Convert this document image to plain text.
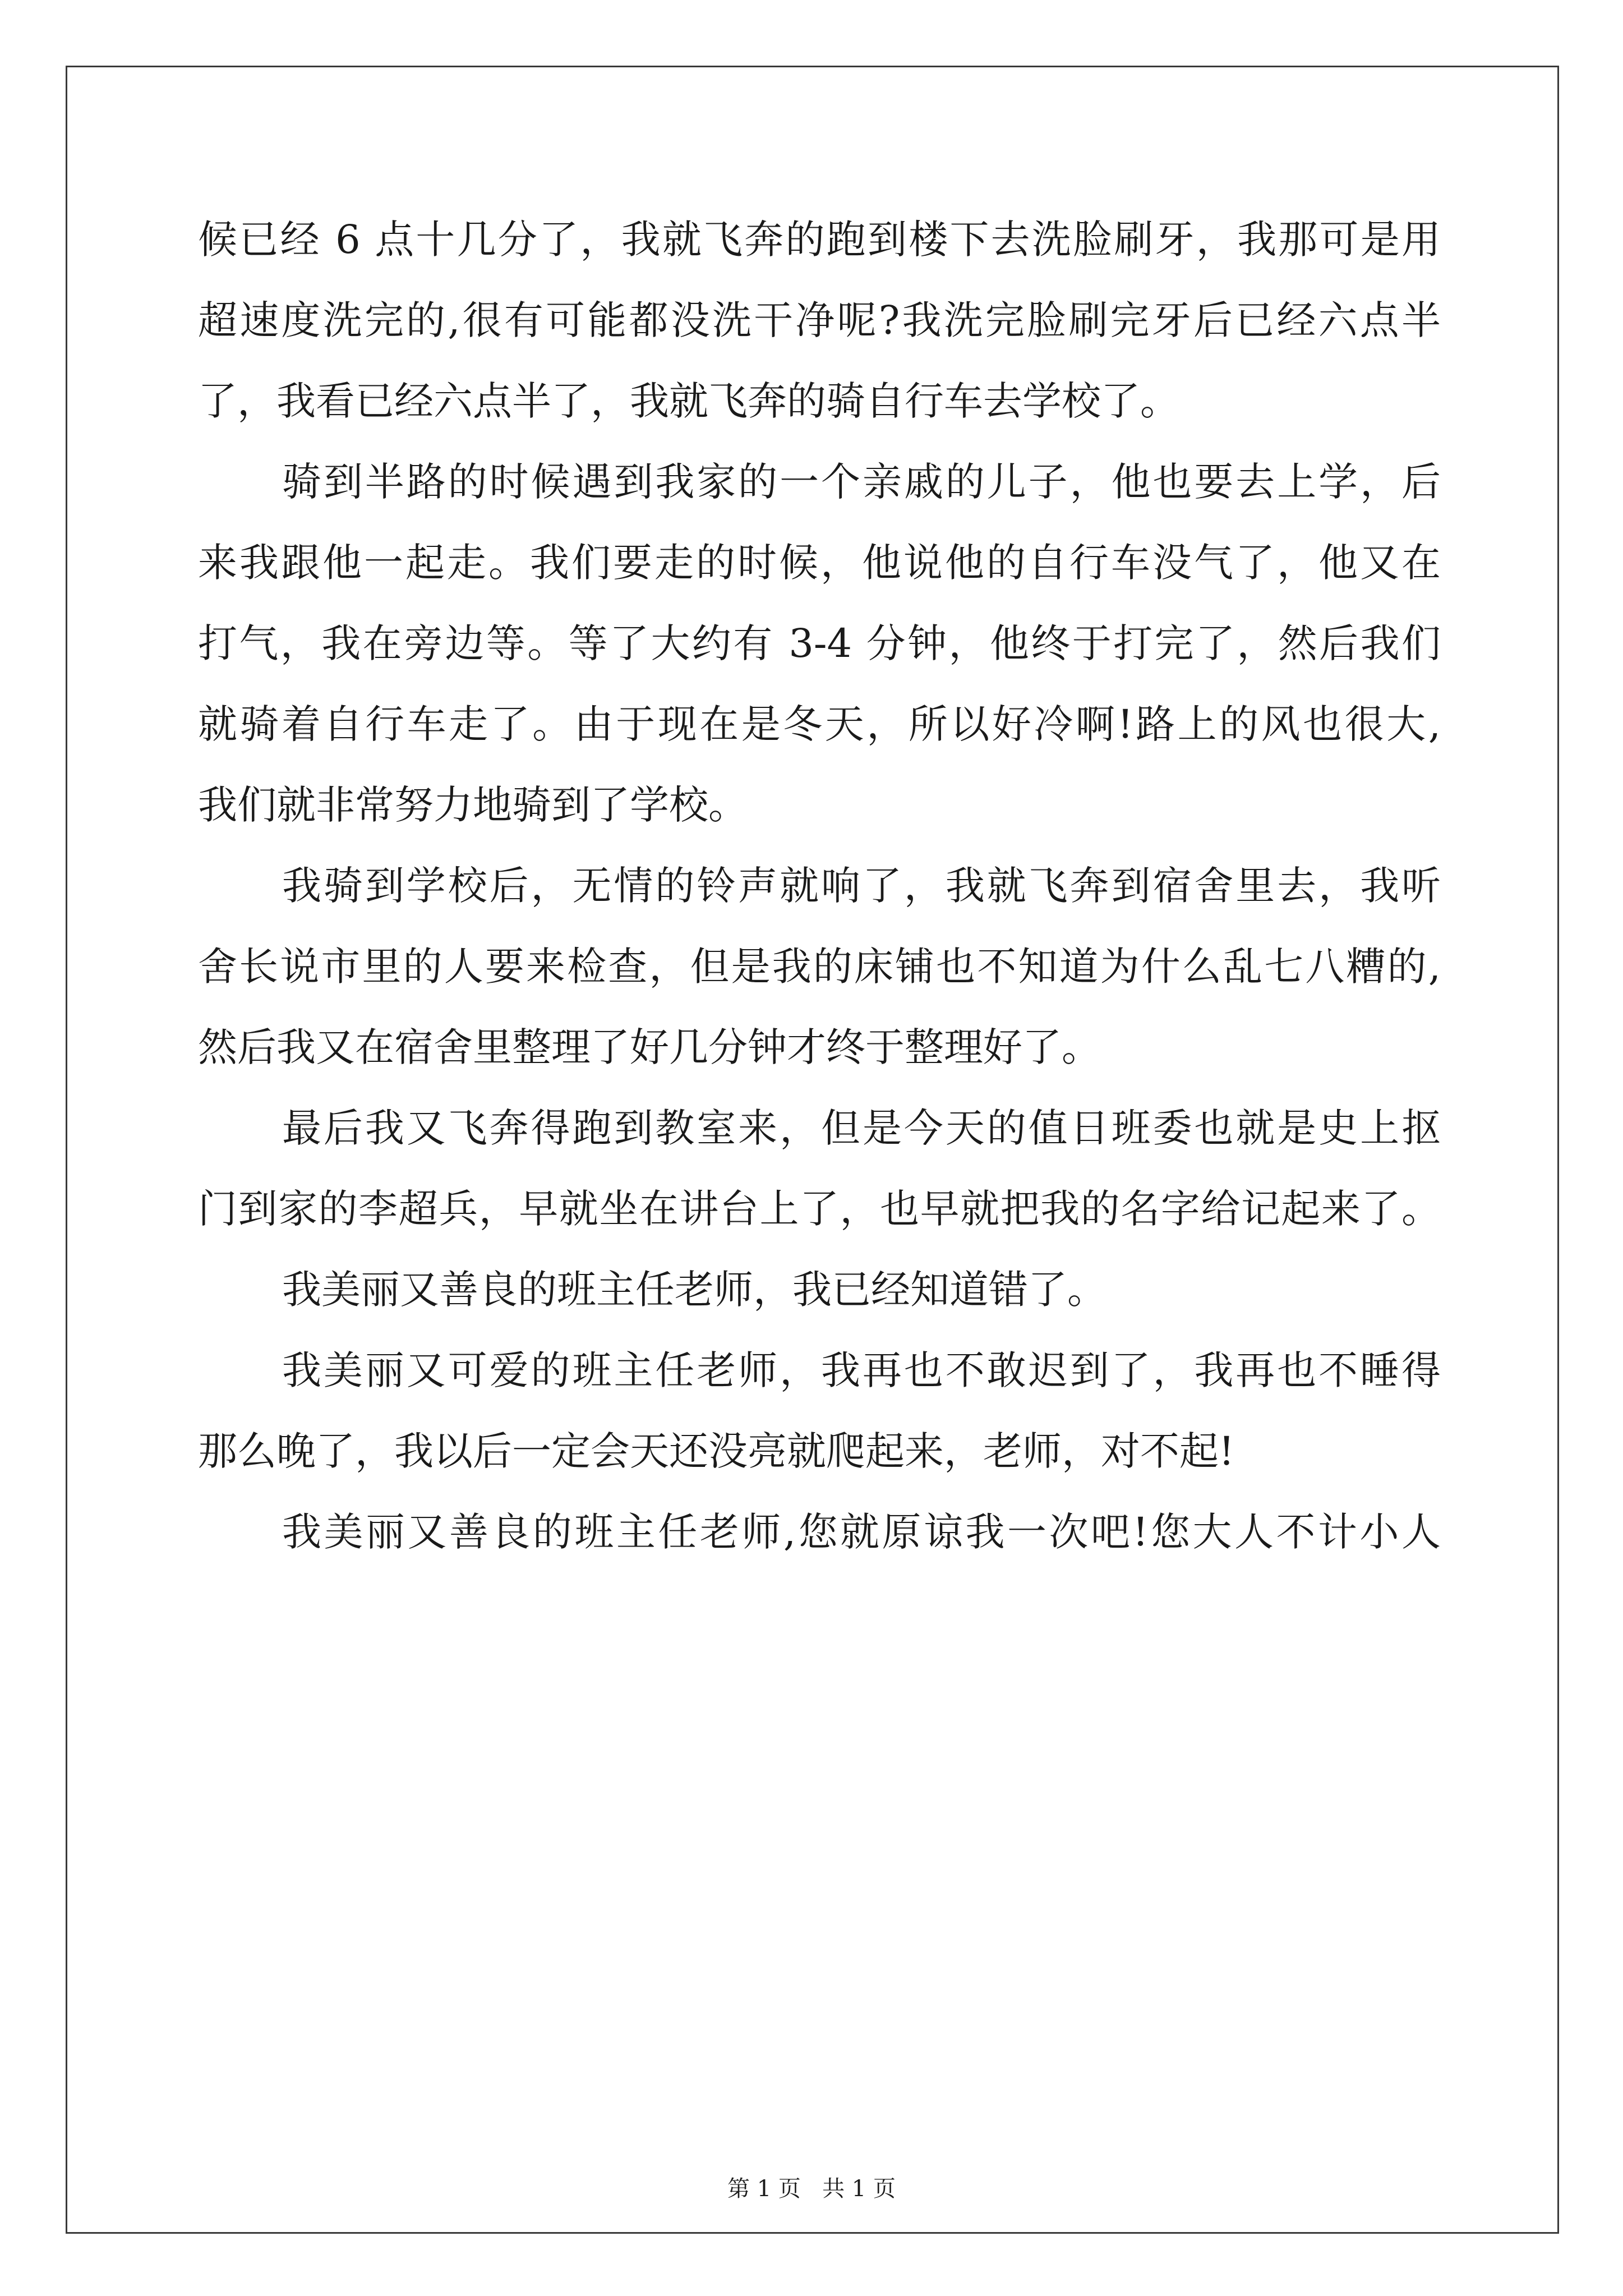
候已经 6 点十几分了，我就飞奔的跑到楼下去洗脸刷牙，我那可是用
超速度洗完的,很有可能都没洗干净呢?我洗完脸刷完牙后已经六点半
了，我看已经六点半了，我就飞奔的骑自行车去学校了。
骑到半路的时候遇到我家的一个亲戚的儿子，他也要去上学，后
来我跟他一起走。我们要走的时候，他说他的自行车没气了，他又在
打气，我在旁边等。等了大约有 3-4 分钟，他终于打完了，然后我们
就骑着自行车走了。由于现在是冬天，所以好冷啊!路上的风也很大,
我们就非常努力地骑到了学校。
我骑到学校后，无情的铃声就响了，我就飞奔到宿舍里去，我听
舍长说市里的人要来检查，但是我的床铺也不知道为什么乱七八糟的,
然后我又在宿舍里整理了好几分钟才终于整理好了。
最后我又飞奔得跑到教室来，但是今天的值日班委也就是史上抠
门到家的李超兵，早就坐在讲台上了，也早就把我的名字给记起来了。
我美丽又善良的班主任老师，我已经知道错了。
我美丽又可爱的班主任老师，我再也不敢迟到了，我再也不睡得
那么晚了，我以后一定会天还没亮就爬起来，老师，对不起!
我美丽又善良的班主任老师,您就原谅我一次吧!您大人不计小人
第 1 页   共 1 页
